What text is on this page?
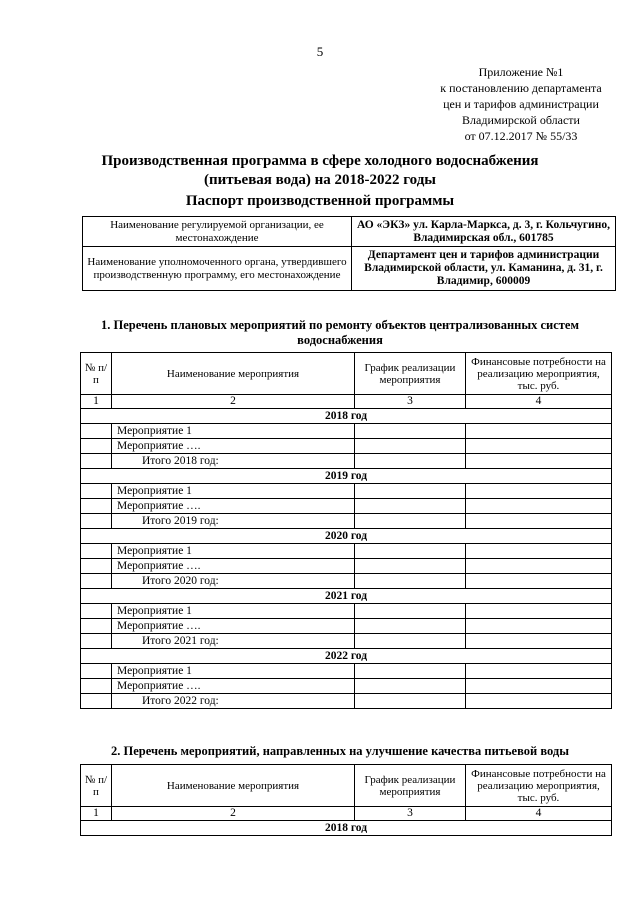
5
Приложение №1
к постановлению департамента
цен и тарифов администрации
Владимирской области
от 07.12.2017 № 55/33
Производственная программа в сфере холодного водоснабжения
(питьевая вода) на 2018-2022 годы
Паспорт производственной программы
Наименование регулируемой организации, ее местонахождение	АО «ЭКЗ» ул. Карла-Маркса, д. 3, г. Кольчугино, Владимирская обл., 601785
Наименование уполномоченного органа, утвердившего производственную программу, его местонахождение	Департамент цен и тарифов администрации Владимирской области, ул. Каманина, д. 31, г. Владимир, 600009
1. Перечень плановых мероприятий по ремонту объектов централизованных систем водоснабжения
№ п/п	Наименование мероприятия	График реализации мероприятия	Финансовые потребности на реализацию мероприятия, тыс. руб.
1	2	3	4
2018 год			
	Мероприятие 1		
	Мероприятие ….		
	Итого 2018 год:		
2019 год			
	Мероприятие 1		
	Мероприятие ….		
	Итого 2019 год:		
2020 год			
	Мероприятие 1		
	Мероприятие ….		
	Итого 2020 год:		
2021 год			
	Мероприятие 1		
	Мероприятие ….		
	Итого 2021 год:		
2022 год			
	Мероприятие 1		
	Мероприятие ….		
	Итого 2022 год:		
2. Перечень мероприятий, направленных на улучшение качества питьевой воды
№ п/п	Наименование мероприятия	График реализации мероприятия	Финансовые потребности на реализацию мероприятия, тыс. руб.
1	2	3	4
2018 год			
